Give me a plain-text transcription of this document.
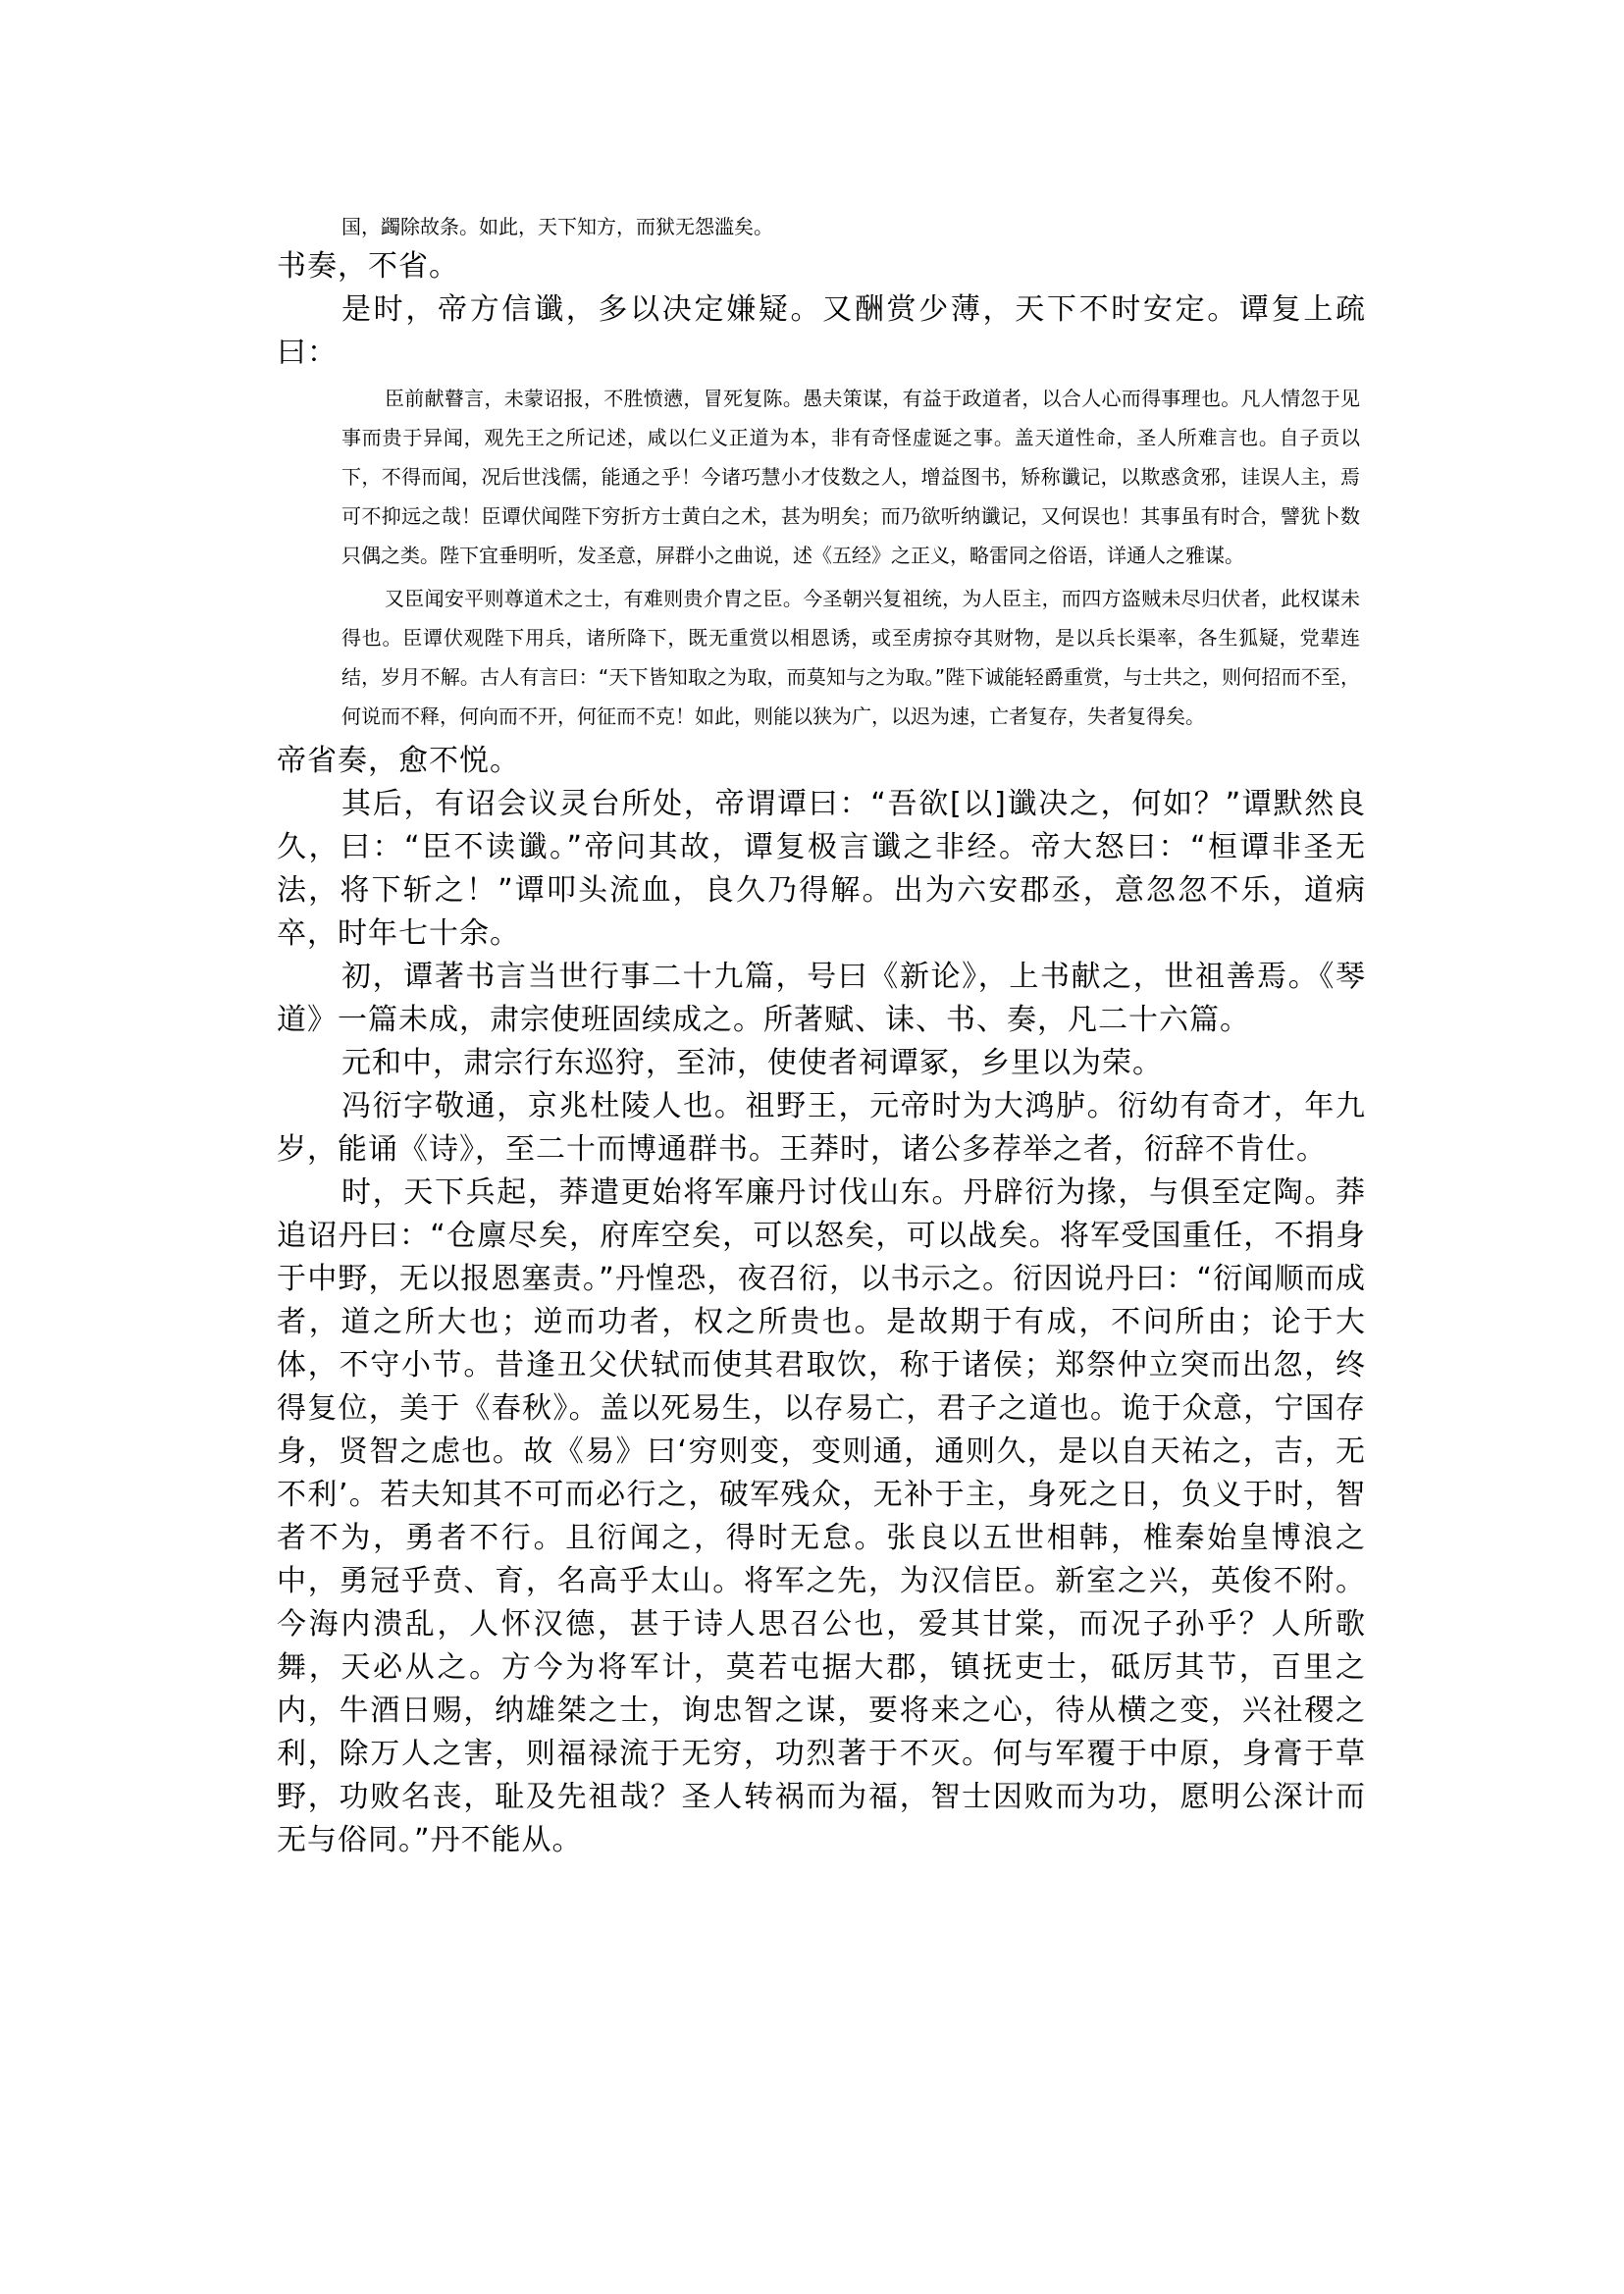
国，蠲除故条。如此，天下知方，而狱无怨滥矣。

书奏，不省。

是时，帝方信谶，多以决定嫌疑。又酬赏少薄，天下不时安定。谭复上疏曰：

臣前献瞽言，未蒙诏报，不胜愤懑，冒死复陈。愚夫策谋，有益于政道者，以合人心而得事理也。凡人情忽于见事而贵于异闻，观先王之所记述，咸以仁义正道为本，非有奇怪虚诞之事。盖天道性命，圣人所难言也。自子贡以下，不得而闻，况后世浅儒，能通之乎！今诸巧慧小才伎数之人，增益图书，矫称谶记，以欺惑贪邪，诖误人主，焉可不抑远之哉！臣谭伏闻陛下穷折方士黄白之术，甚为明矣；而乃欲听纳谶记，又何误也！其事虽有时合，譬犹卜数只偶之类。陛下宜垂明听，发圣意，屏群小之曲说，述《五经》之正义，略雷同之俗语，详通人之雅谋。

又臣闻安平则尊道术之士，有难则贵介胄之臣。今圣朝兴复祖统，为人臣主，而四方盗贼未尽归伏者，此权谋未得也。臣谭伏观陛下用兵，诸所降下，既无重赏以相恩诱，或至虏掠夺其财物，是以兵长渠率，各生狐疑，党辈连结，岁月不解。古人有言曰：“天下皆知取之为取，而莫知与之为取。”陛下诚能轻爵重赏，与士共之，则何招而不至，何说而不释，何向而不开，何征而不克！如此，则能以狭为广，以迟为速，亡者复存，失者复得矣。

帝省奏，愈不悦。

其后，有诏会议灵台所处，帝谓谭曰：“吾欲[以]谶决之，何如？”谭默然良久，曰：“臣不读谶。”帝问其故，谭复极言谶之非经。帝大怒曰：“桓谭非圣无法，将下斩之！”谭叩头流血，良久乃得解。出为六安郡丞，意忽忽不乐，道病卒，时年七十余。

初，谭著书言当世行事二十九篇，号曰《新论》，上书献之，世祖善焉。《琴道》一篇未成，肃宗使班固续成之。所著赋、诔、书、奏，凡二十六篇。

元和中，肃宗行东巡狩，至沛，使使者祠谭冢，乡里以为荣。

冯衍字敬通，京兆杜陵人也。祖野王，元帝时为大鸿胪。衍幼有奇才，年九岁，能诵《诗》，至二十而博通群书。王莽时，诸公多荐举之者，衍辞不肯仕。

时，天下兵起，莽遣更始将军廉丹讨伐山东。丹辟衍为掾，与俱至定陶。莽追诏丹曰：“仓廪尽矣，府库空矣，可以怒矣，可以战矣。将军受国重任，不捐身于中野，无以报恩塞责。”丹惶恐，夜召衍，以书示之。衍因说丹曰：“衍闻顺而成者，道之所大也；逆而功者，权之所贵也。是故期于有成，不问所由；论于大体，不守小节。昔逢丑父伏轼而使其君取饮，称于诸侯；郑祭仲立突而出忽，终得复位，美于《春秋》。盖以死易生，以存易亡，君子之道也。诡于众意，宁国存身，贤智之虑也。故《易》曰‘穷则变，变则通，通则久，是以自天祐之，吉，无不利’。若夫知其不可而必行之，破军残众，无补于主，身死之日，负义于时，智者不为，勇者不行。且衍闻之，得时无怠。张良以五世相韩，椎秦始皇博浪之中，勇冠乎贲、育，名高乎太山。将军之先，为汉信臣。新室之兴，英俊不附。今海内溃乱，人怀汉德，甚于诗人思召公也，爱其甘棠，而况子孙乎？人所歌舞，天必从之。方今为将军计，莫若屯据大郡，镇抚吏士，砥厉其节，百里之内，牛酒日赐，纳雄桀之士，询忠智之谋，要将来之心，待从横之变，兴社稷之利，除万人之害，则福禄流于无穷，功烈著于不灭。何与军覆于中原，身膏于草野，功败名丧，耻及先祖哉？圣人转祸而为福，智士因败而为功，愿明公深计而无与俗同。”丹不能从。
